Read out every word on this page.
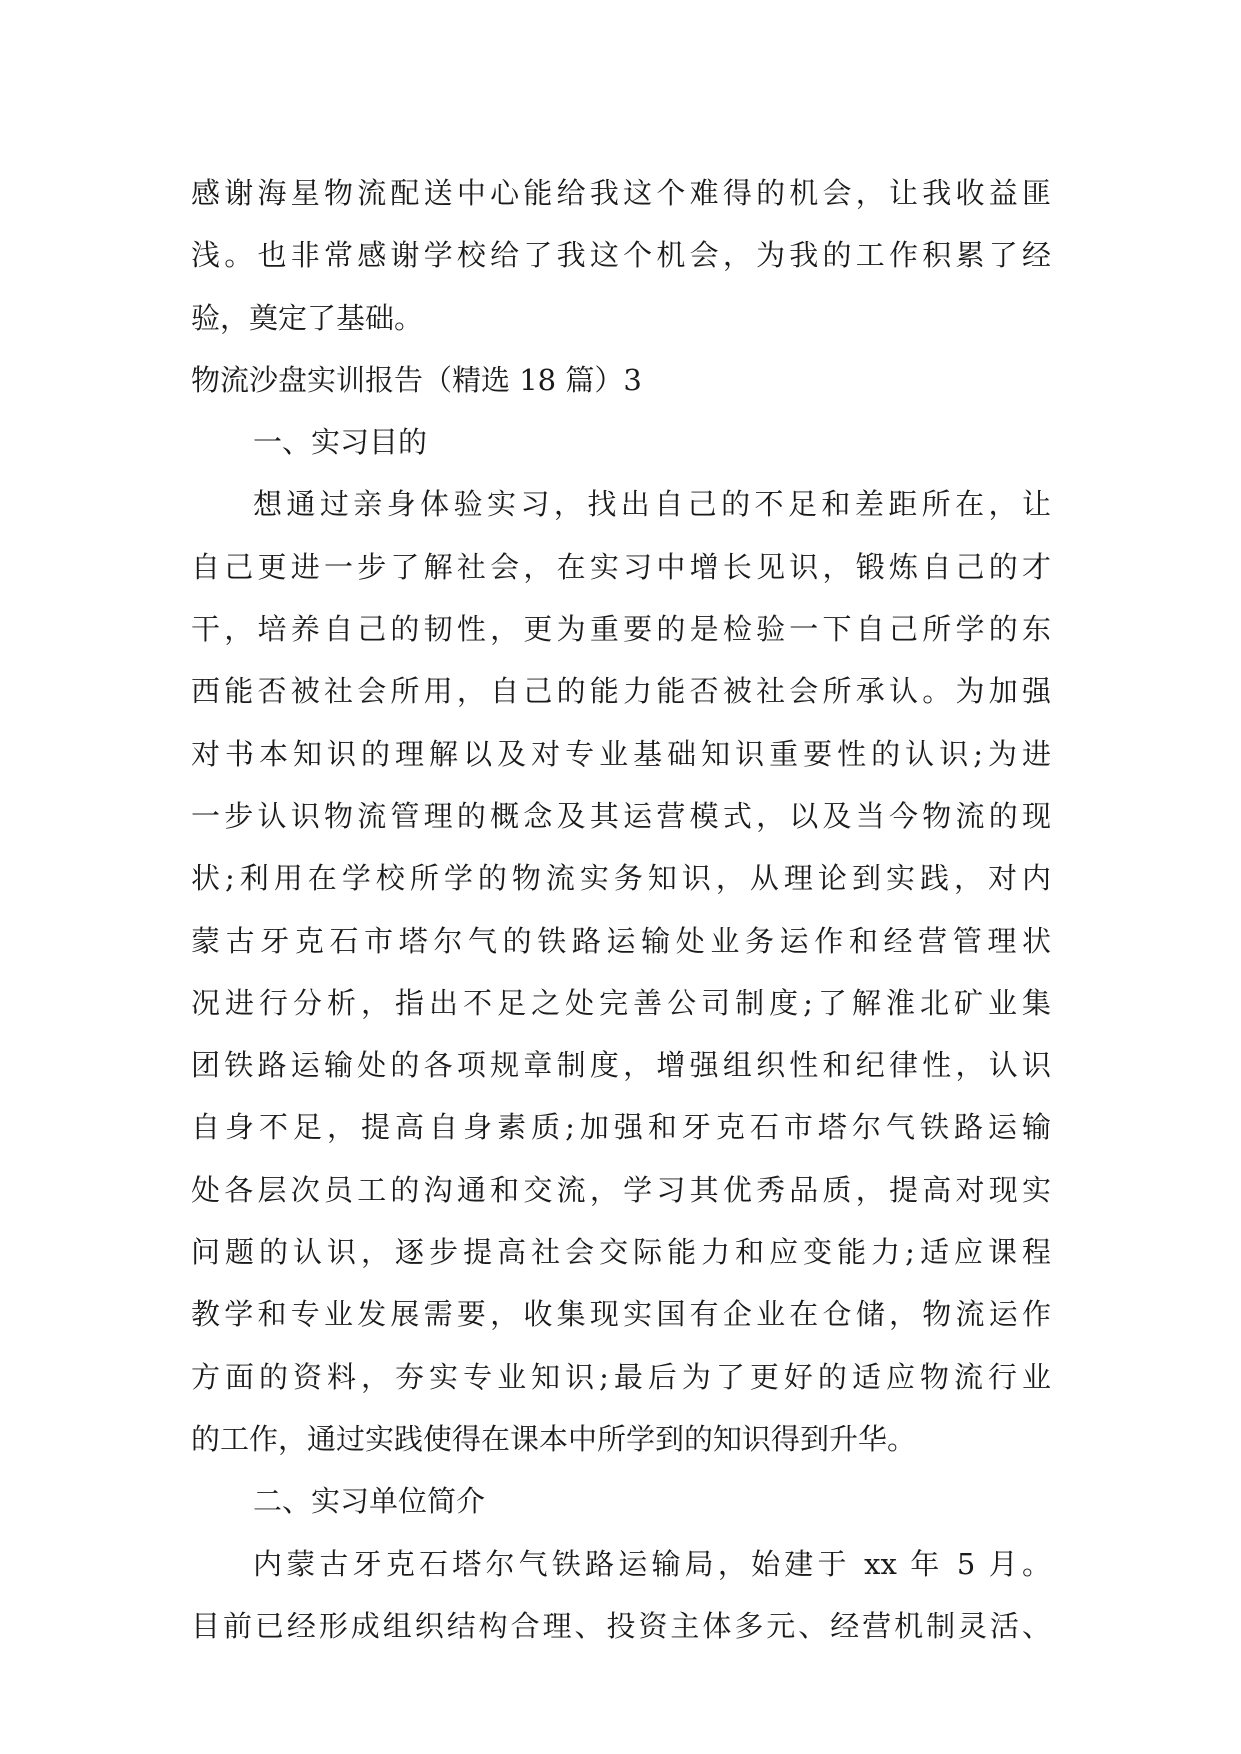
感谢海星物流配送中心能给我这个难得的机会，让我收益匪
浅。也非常感谢学校给了我这个机会，为我的工作积累了经
验，奠定了基础。
物流沙盘实训报告（精选 18 篇）3
一、实习目的
想通过亲身体验实习，找出自己的不足和差距所在，让
自己更进一步了解社会，在实习中增长见识，锻炼自己的才
干，培养自己的韧性，更为重要的是检验一下自己所学的东
西能否被社会所用，自己的能力能否被社会所承认。为加强
对书本知识的理解以及对专业基础知识重要性的认识;为进
一步认识物流管理的概念及其运营模式，以及当今物流的现
状;利用在学校所学的物流实务知识，从理论到实践，对内
蒙古牙克石市塔尔气的铁路运输处业务运作和经营管理状
况进行分析，指出不足之处完善公司制度;了解淮北矿业集
团铁路运输处的各项规章制度，增强组织性和纪律性，认识
自身不足，提高自身素质;加强和牙克石市塔尔气铁路运输
处各层次员工的沟通和交流，学习其优秀品质，提高对现实
问题的认识，逐步提高社会交际能力和应变能力;适应课程
教学和专业发展需要，收集现实国有企业在仓储，物流运作
方面的资料，夯实专业知识;最后为了更好的适应物流行业
的工作，通过实践使得在课本中所学到的知识得到升华。
二、实习单位简介
内蒙古牙克石塔尔气铁路运输局，始建于 xx 年 5 月。
目前已经形成组织结构合理、投资主体多元、经营机制灵活、
